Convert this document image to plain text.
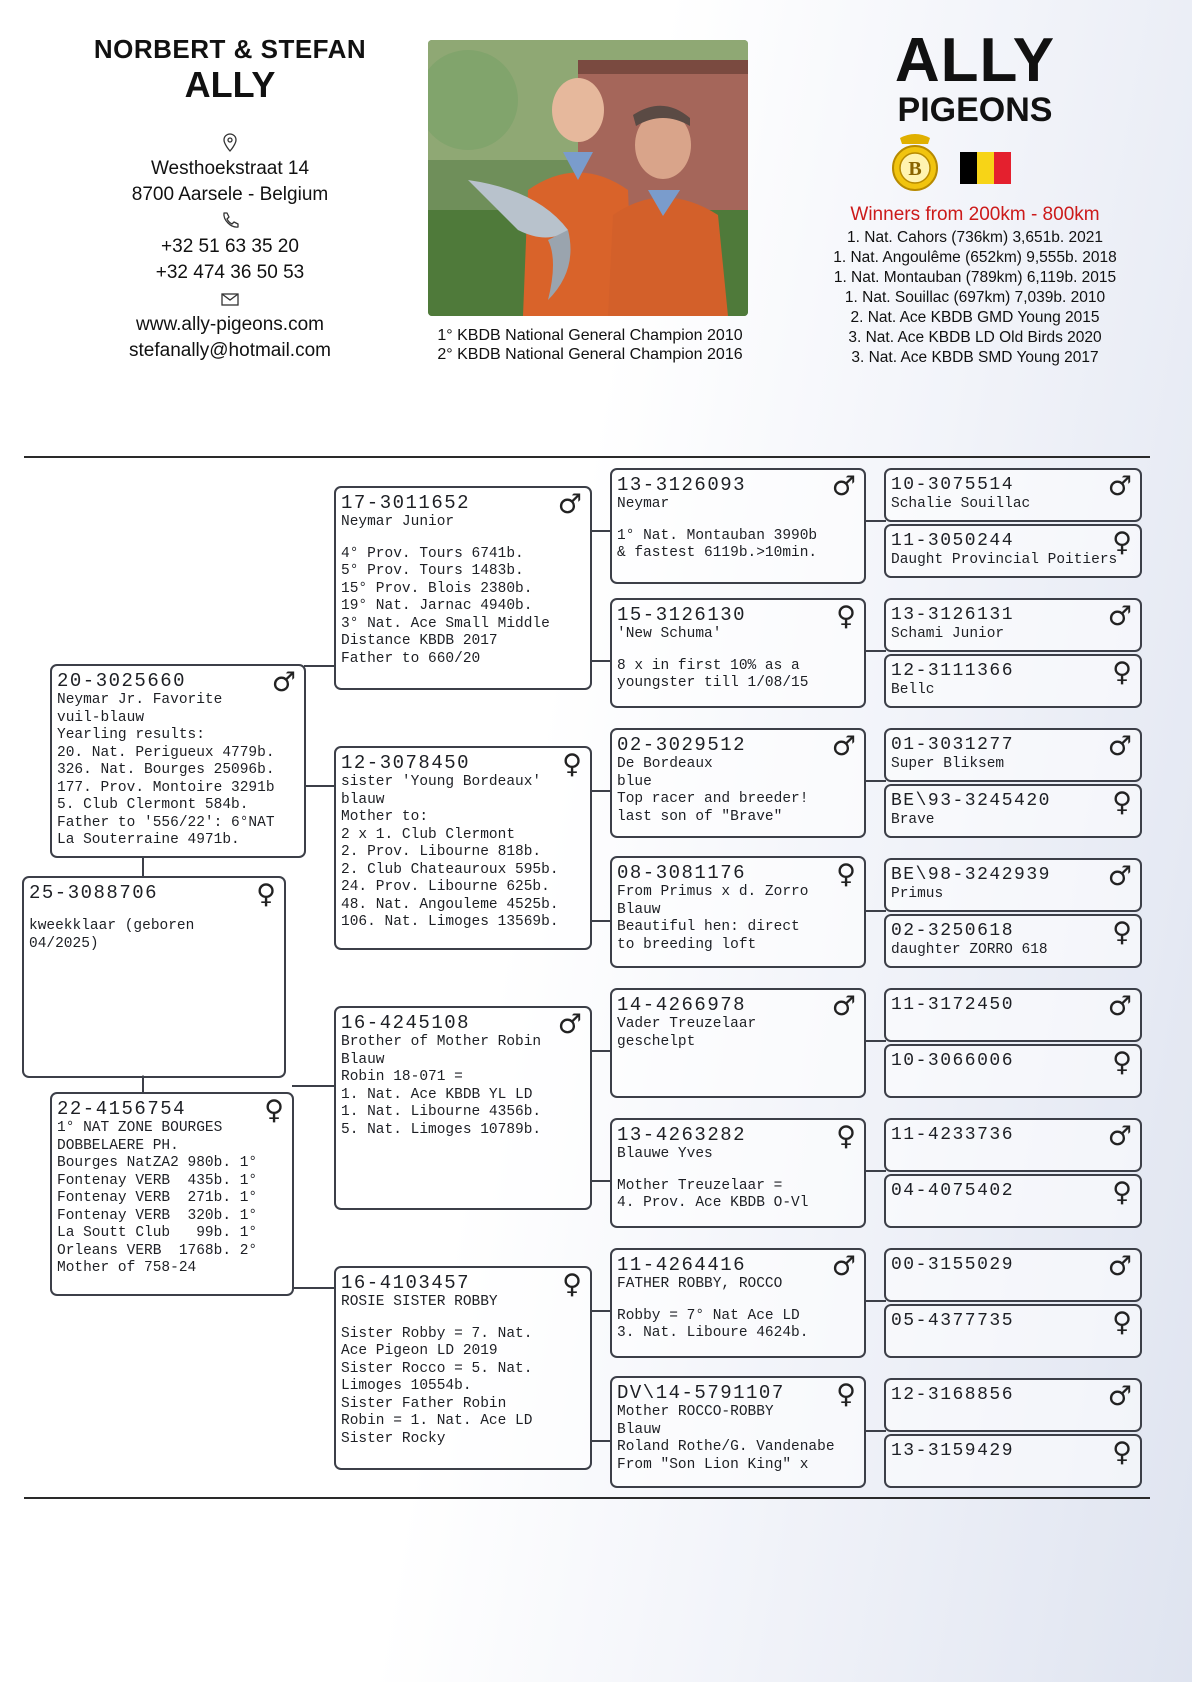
NORBERT & STEFAN
ALLY
Westhoekstraat 14
8700 Aarsele - Belgium
+32 51 63 35 20
+32 474 36 50 53
www.ally-pigeons.com
stefanally@hotmail.com
1° KBDB National General Champion 2010
2° KBDB National General Champion 2016
ALLY
PIGEONS
B
Winners from 200km - 800km
1. Nat. Cahors (736km) 3,651b. 2021
1. Nat. Angoulême (652km) 9,555b. 2018
1. Nat. Montauban (789km) 6,119b. 2015
1. Nat. Souillac (697km) 7,039b. 2010
2. Nat. Ace KBDB GMD Young 2015
3. Nat. Ace KBDB LD Old Birds 2020
3. Nat. Ace KBDB SMD Young 2017
25-3088706	♀
kweekklaar (geboren
04/2025)
20-3025660	♂
Neymar Jr. Favorite
vuil-blauw
Yearling results:
20. Nat. Perigueux 4779b.
326. Nat. Bourges 25096b.
177. Prov. Montoire 3291b
5. Club Clermont 584b.
Father to '556/22': 6°NAT
La Souterraine 4971b.
22-4156754	♀
1° NAT ZONE BOURGES
DOBBELAERE PH.
Bourges NatZA2 980b. 1°
Fontenay VERB  435b. 1°
Fontenay VERB  271b. 1°
Fontenay VERB  320b. 1°
La Soutt Club   99b. 1°
Orleans VERB  1768b. 2°
Mother of 758-24
17-3011652	♂
Neymar Junior
4° Prov. Tours 6741b.
5° Prov. Tours 1483b.
15° Prov. Blois 2380b.
19° Nat. Jarnac 4940b.
3° Nat. Ace Small Middle
Distance KBDB 2017
Father to 660/20
12-3078450	♀
sister 'Young Bordeaux'
blauw
Mother to:
2 x 1. Club Clermont
2. Prov. Libourne 818b.
2. Club Chateauroux 595b.
24. Prov. Libourne 625b.
48. Nat. Angouleme 4525b.
106. Nat. Limoges 13569b.
16-4245108	♂
Brother of Mother Robin
Blauw
Robin 18-071 =
1. Nat. Ace KBDB YL LD
1. Nat. Libourne 4356b.
5. Nat. Limoges 10789b.
16-4103457	♀
ROSIE SISTER ROBBY
Sister Robby = 7. Nat.
Ace Pigeon LD 2019
Sister Rocco = 5. Nat.
Limoges 10554b.
Sister Father Robin
Robin = 1. Nat. Ace LD
Sister Rocky
13-3126093	♂
Neymar
1° Nat. Montauban 3990b
& fastest 6119b.>10min.
15-3126130	♀
'New Schuma'
8 x in first 10% as a
youngster till 1/08/15
02-3029512	♂
De Bordeaux
blue
Top racer and breeder!
last son of "Brave"
08-3081176	♀
From Primus x d. Zorro
Blauw
Beautiful hen: direct
to breeding loft
14-4266978	♂
Vader Treuzelaar
geschelpt
13-4263282	♀
Blauwe Yves
Mother Treuzelaar =
4. Prov. Ace KBDB O-Vl
11-4264416	♂
FATHER ROBBY, ROCCO
Robby = 7° Nat Ace LD
3. Nat. Liboure 4624b.
DV\14-5791107	♀
Mother ROCCO-ROBBY
Blauw
Roland Rothe/G. Vandenabe
From "Son Lion King" x
10-3075514	♂
Schalie Souillac
11-3050244	♀
Daught Provincial Poitiers
13-3126131	♂
Schami Junior
12-3111366	♀
Bellc
01-3031277	♂
Super Bliksem
BE\93-3245420	♀
Brave
BE\98-3242939	♂
Primus
02-3250618	♀
daughter ZORRO 618
11-3172450	♂
10-3066006	♀
11-4233736	♂
04-4075402	♀
00-3155029	♂
05-4377735	♀
12-3168856	♂
13-3159429	♀
